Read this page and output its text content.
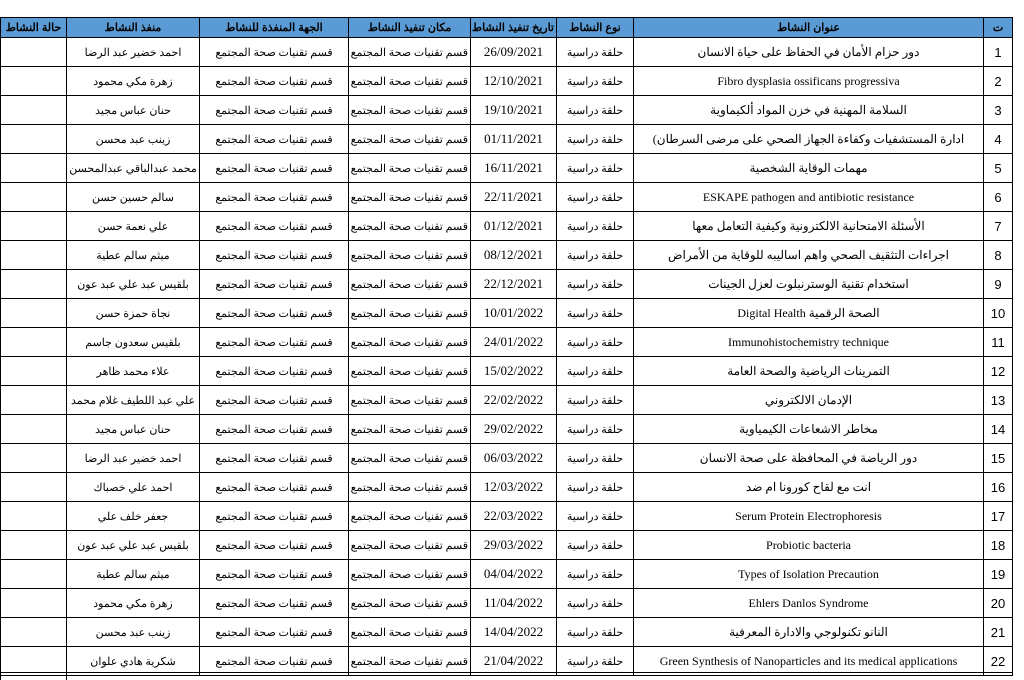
ت	عنوان النشاط	نوع النشاط	تاريخ تنفيذ النشاط	مكان تنفيذ النشاط	الجهة المنفذة للنشاط	منفذ النشاط	حالة النشاط
1	دور حزام الأمان في الحفاظ على حياة الانسان	حلقة دراسية	26/09/2021	قسم تقنيات صحة المجتمع	قسم تقنيات صحة المجتمع	احمد خضير عبد الرضا	
2	Fibro dysplasia ossificans progressiva	حلقة دراسية	12/10/2021	قسم تقنيات صحة المجتمع	قسم تقنيات صحة المجتمع	زهرة مكي محمود	
3	السلامة المهنية في خزن المواد ألكيماوية	حلقة دراسية	19/10/2021	قسم تقنيات صحة المجتمع	قسم تقنيات صحة المجتمع	حنان عباس مجيد	
4	ادارة المستشفيات وكفاءة الجهاز الصحي على مرضى السرطان)	حلقة دراسية	01/11/2021	قسم تقنيات صحة المجتمع	قسم تقنيات صحة المجتمع	زينب عبد محسن	
5	مهمات الوقاية الشخصية	حلقة دراسية	16/11/2021	قسم تقنيات صحة المجتمع	قسم تقنيات صحة المجتمع	محمد عبدالباقي عبدالمحسن	
6	ESKAPE pathogen and antibiotic resistance	حلقة دراسية	22/11/2021	قسم تقنيات صحة المجتمع	قسم تقنيات صحة المجتمع	سالم حسين حسن	
7	الأسئلة الامتحانية الالكترونية وكيفية التعامل معها	حلقة دراسية	01/12/2021	قسم تقنيات صحة المجتمع	قسم تقنيات صحة المجتمع	علي نعمة حسن	
8	اجراءات التثقيف الصحي واهم اساليبه للوقاية من الأمراض	حلقة دراسية	08/12/2021	قسم تقنيات صحة المجتمع	قسم تقنيات صحة المجتمع	ميثم سالم عطية	
9	استخدام تقنية الوسترنبلوت لعزل الجينات	حلقة دراسية	22/12/2021	قسم تقنيات صحة المجتمع	قسم تقنيات صحة المجتمع	بلقيس عبد علي عبد عون	
10	الصحة الرقمية Digital Health	حلقة دراسية	10/01/2022	قسم تقنيات صحة المجتمع	قسم تقنيات صحة المجتمع	نجاة حمزة حسن	
11	Immunohistochemistry technique	حلقة دراسية	24/01/2022	قسم تقنيات صحة المجتمع	قسم تقنيات صحة المجتمع	بلقيس سعدون جاسم	
12	التمرينات الرياضية والصحة العامة	حلقة دراسية	15/02/2022	قسم تقنيات صحة المجتمع	قسم تقنيات صحة المجتمع	علاء محمد ظاهر	
13	الإدمان الالكتروني	حلقة دراسية	22/02/2022	قسم تقنيات صحة المجتمع	قسم تقنيات صحة المجتمع	علي عبد اللطيف غلام محمد	
14	مخاطر الاشعاعات الكيمياوية	حلقة دراسية	29/02/2022	قسم تقنيات صحة المجتمع	قسم تقنيات صحة المجتمع	حنان عباس مجيد	
15	دور الرياضة في المحافظة على صحة الانسان	حلقة دراسية	06/03/2022	قسم تقنيات صحة المجتمع	قسم تقنيات صحة المجتمع	احمد خضير عبد الرضا	
16	انت مع لقاح كورونا ام ضد	حلقة دراسية	12/03/2022	قسم تقنيات صحة المجتمع	قسم تقنيات صحة المجتمع	احمد علي خصباك	
17	Serum Protein Electrophoresis	حلقة دراسية	22/03/2022	قسم تقنيات صحة المجتمع	قسم تقنيات صحة المجتمع	جعفر خلف علي	
18	Probiotic bacteria	حلقة دراسية	29/03/2022	قسم تقنيات صحة المجتمع	قسم تقنيات صحة المجتمع	بلقيس عبد علي عبد عون	
19	Types of Isolation Precaution	حلقة دراسية	04/04/2022	قسم تقنيات صحة المجتمع	قسم تقنيات صحة المجتمع	ميثم سالم عطية	
20	Ehlers Danlos Syndrome	حلقة دراسية	11/04/2022	قسم تقنيات صحة المجتمع	قسم تقنيات صحة المجتمع	زهرة مكي محمود	
21	النانو تكنولوجي والادارة المعرفية	حلقة دراسية	14/04/2022	قسم تقنيات صحة المجتمع	قسم تقنيات صحة المجتمع	زينب عبد محسن	
22	Green Synthesis of Nanoparticles and its medical applications	حلقة دراسية	21/04/2022	قسم تقنيات صحة المجتمع	قسم تقنيات صحة المجتمع	شكرية هادي علوان	
